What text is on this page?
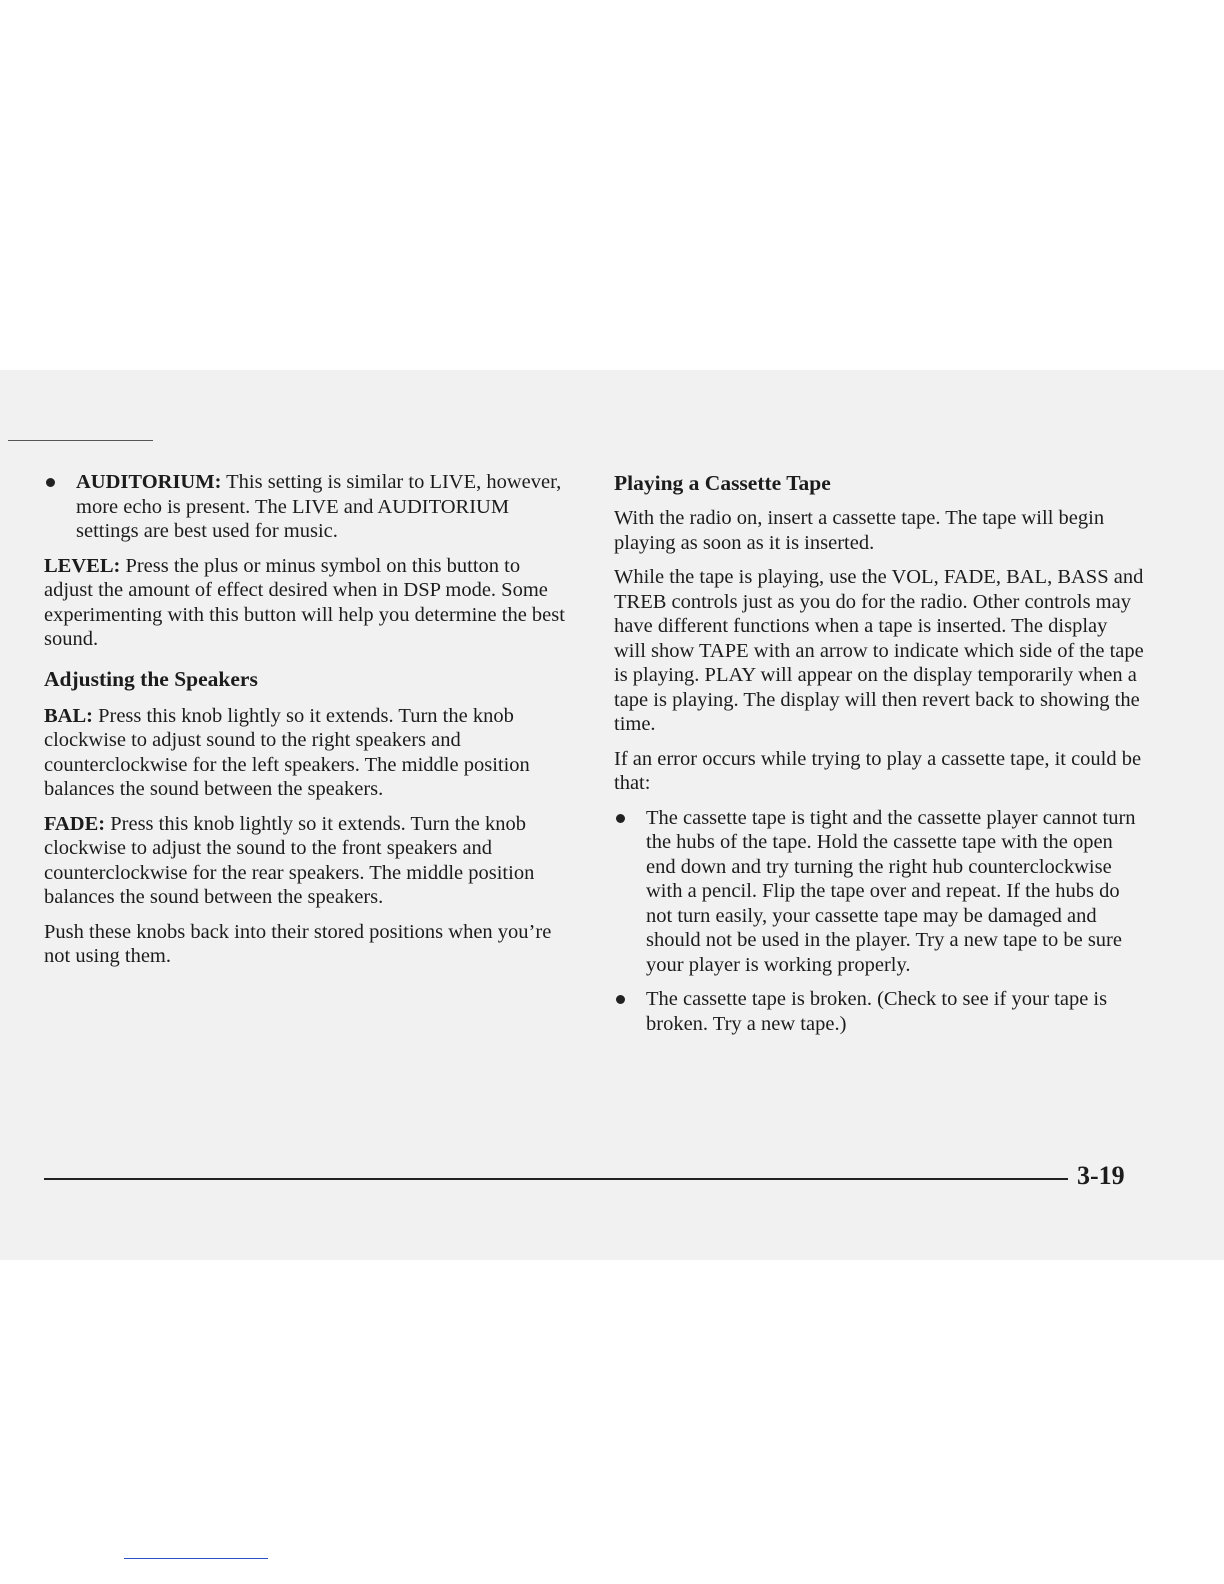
AUDITORIUM: This setting is similar to LIVE, however, more echo is present. The LIVE and AUDITORIUM settings are best used for music.

LEVEL: Press the plus or minus symbol on this button to adjust the amount of effect desired when in DSP mode. Some experimenting with this button will help you determine the best sound.

Adjusting the Speakers

BAL: Press this knob lightly so it extends. Turn the knob clockwise to adjust sound to the right speakers and counterclockwise for the left speakers. The middle position balances the sound between the speakers.

FADE: Press this knob lightly so it extends. Turn the knob clockwise to adjust the sound to the front speakers and counterclockwise for the rear speakers. The middle position balances the sound between the speakers.

Push these knobs back into their stored positions when you’re not using them.

Playing a Cassette Tape

With the radio on, insert a cassette tape. The tape will begin playing as soon as it is inserted.

While the tape is playing, use the VOL, FADE, BAL, BASS and TREB controls just as you do for the radio. Other controls may have different functions when a tape is inserted. The display will show TAPE with an arrow to indicate which side of the tape is playing. PLAY will appear on the display temporarily when a tape is playing. The display will then revert back to showing the time.

If an error occurs while trying to play a cassette tape, it could be that:

The cassette tape is tight and the cassette player cannot turn the hubs of the tape. Hold the cassette tape with the open end down and try turning the right hub counterclockwise with a pencil. Flip the tape over and repeat. If the hubs do not turn easily, your cassette tape may be damaged and should not be used in the player. Try a new tape to be sure your player is working properly.
The cassette tape is broken. (Check to see if your tape is broken. Try a new tape.)
3-19
